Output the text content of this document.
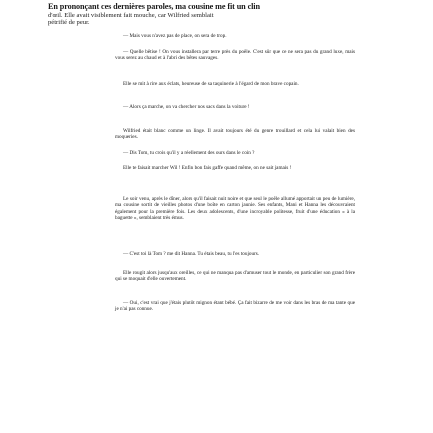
En prononçant ces dernières paroles, ma cousine me fit un clin
d'œil. Elle avait visiblement fait mouche, car Wilfried semblait
pétrifié de peur.

— Mais vous n'avez pas de place, on sera de trop.

— Quelle bêtise ! On vous installera par terre près du poêle. C'est sûr que ce ne sera pas du grand luxe, mais vous serez au chaud et à l'abri des bêtes sauvages.

Elle se mit à rire aux éclats, heureuse de sa taquinerie à l'égard de mon brave copain.

— Alors ça marche, on va chercher nos sacs dans la voiture !

Wilfried était blanc comme un linge. Il avait toujours été du genre trouillard et cela lui valait bien des moqueries.

— Dis Tom, tu crois qu'il y a réellement des ours dans le coin ?

Elle te faisait marcher Wil ! Enfin bon fais gaffe quand même, on ne sait jamais !

Le soir venu, après le dîner, alors qu'il faisait nuit noire et que seul le poêle allumé apportait un peu de lumière, ma cousine sortit de vieilles photos d'une boîte en carton jaunie. Ses enfants, Mani et Hanna les découvraient également pour la première fois. Les deux adolescents, d'une incroyable politesse, fruit d'une éducation « à la baguette », semblaient très émus.

— C'est toi là Tom ? me dit Hanna. Tu étais beau, tu l'es toujours.

Elle rougit alors jusqu'aux oreilles, ce qui ne manqua pas d'amuser tout le monde, en particulier son grand frère qui se moquait d'elle ouvertement.

— Oui, c'est vrai que j'étais plutôt mignon étant bébé. Ça fait bizarre de me voir dans les bras de ma tante que je n'ai pas connue.
